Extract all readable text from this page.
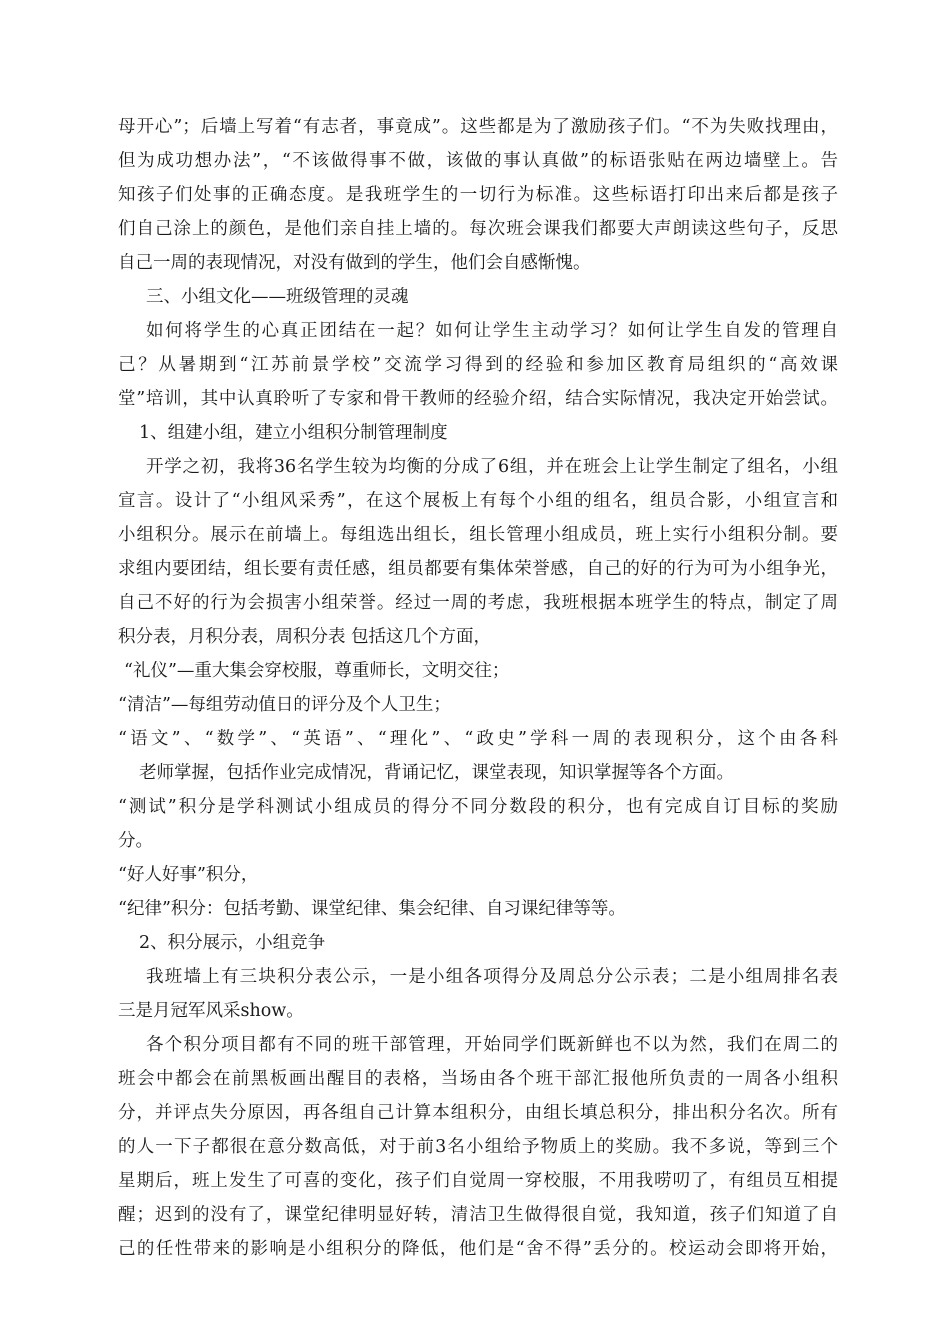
母开心”；后墙上写着“有志者，事竟成”。这些都是为了激励孩子们。“不为失败找理由，
但为成功想办法”，“不该做得事不做，该做的事认真做”的标语张贴在两边墙壁上。告
知孩子们处事的正确态度。是我班学生的一切行为标准。这些标语打印出来后都是孩子
们自己涂上的颜色，是他们亲自挂上墙的。每次班会课我们都要大声朗读这些句子，反思
自己一周的表现情况，对没有做到的学生，他们会自感惭愧。
三、小组文化——班级管理的灵魂
如何将学生的心真正团结在一起？如何让学生主动学习？如何让学生自发的管理自
己？从暑期到“江苏前景学校”交流学习得到的经验和参加区教育局组织的“高效课
堂”培训，其中认真聆听了专家和骨干教师的经验介绍，结合实际情况，我决定开始尝试。
1、组建小组，建立小组积分制管理制度
开学之初，我将36名学生较为均衡的分成了6组，并在班会上让学生制定了组名，小组
宣言。设计了“小组风采秀”，在这个展板上有每个小组的组名，组员合影，小组宣言和
小组积分。展示在前墙上。每组选出组长，组长管理小组成员，班上实行小组积分制。要
求组内要团结，组长要有责任感，组员都要有集体荣誉感，自己的好的行为可为小组争光，
自己不好的行为会损害小组荣誉。经过一周的考虑，我班根据本班学生的特点，制定了周
积分表，月积分表，周积分表 包括这几个方面，
“礼仪”—重大集会穿校服，尊重师长，文明交往；
“清洁”—每组劳动值日的评分及个人卫生；
“语文”、“数学”、“英语”、“理化”、“政史”学科一周的表现积分，这个由各科
老师掌握，包括作业完成情况，背诵记忆，课堂表现，知识掌握等各个方面。
“测试”积分是学科测试小组成员的得分不同分数段的积分，也有完成自订目标的奖励
分。
“好人好事”积分，
“纪律”积分：包括考勤、课堂纪律、集会纪律、自习课纪律等等。
2、积分展示，小组竞争
我班墙上有三块积分表公示，一是小组各项得分及周总分公示表；二是小组周排名表
三是月冠军风采show。
各个积分项目都有不同的班干部管理，开始同学们既新鲜也不以为然，我们在周二的
班会中都会在前黑板画出醒目的表格，当场由各个班干部汇报他所负责的一周各小组积
分，并评点失分原因，再各组自己计算本组积分，由组长填总积分，排出积分名次。所有
的人一下子都很在意分数高低，对于前3名小组给予物质上的奖励。我不多说，等到三个
星期后，班上发生了可喜的变化，孩子们自觉周一穿校服，不用我唠叨了，有组员互相提
醒；迟到的没有了，课堂纪律明显好转，清洁卫生做得很自觉，我知道，孩子们知道了自
己的任性带来的影响是小组积分的降低，他们是“舍不得”丢分的。校运动会即将开始，
